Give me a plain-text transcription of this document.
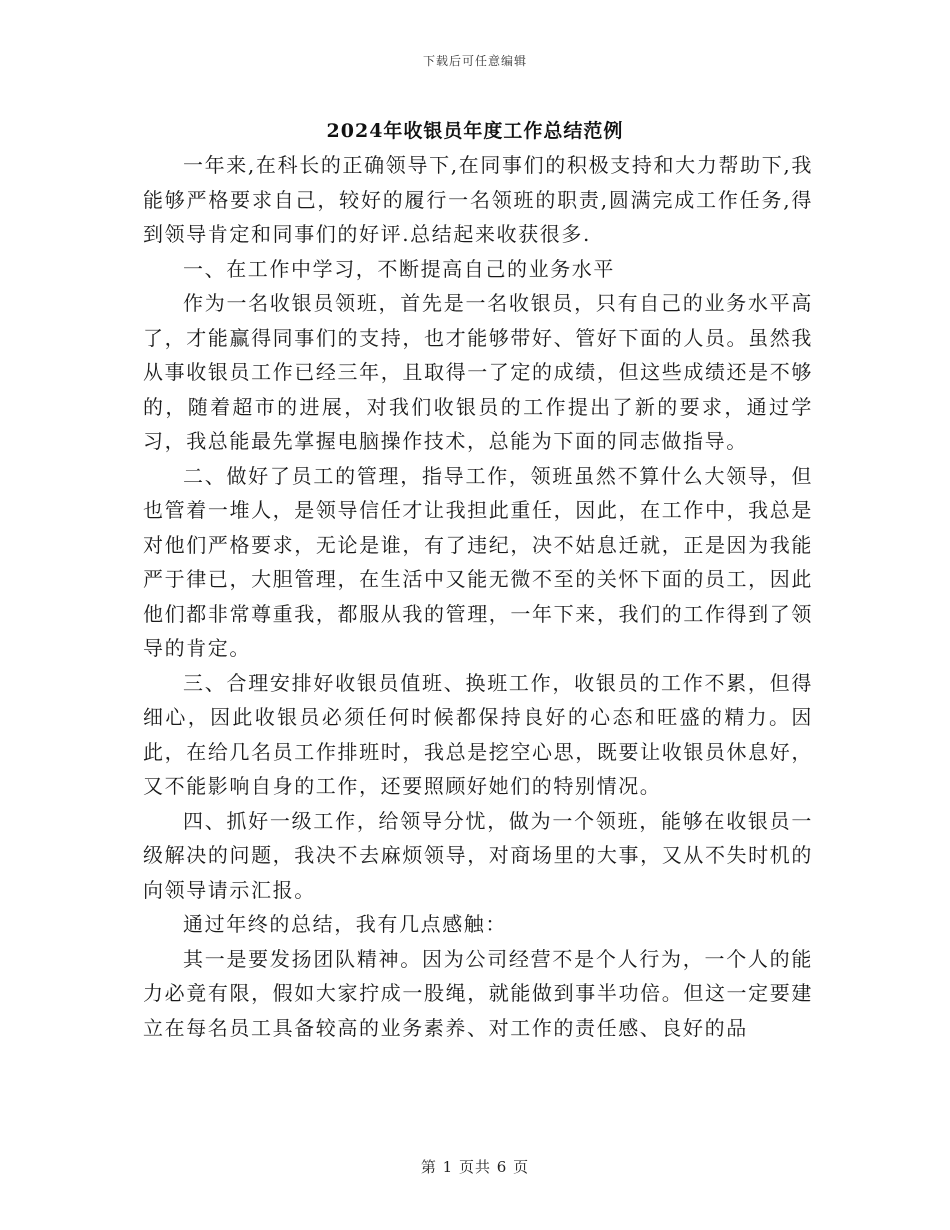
下载后可任意编辑
2024年收银员年度工作总结范例

一年来,在科长的正确领导下,在同事们的积极支持和大力帮助下,我能够严格要求自己，较好的履行一名领班的职责,圆满完成工作任务,得到领导肯定和同事们的好评.总结起来收获很多.

一、在工作中学习，不断提高自己的业务水平

作为一名收银员领班，首先是一名收银员，只有自己的业务水平高了，才能赢得同事们的支持，也才能够带好、管好下面的人员。虽然我从事收银员工作已经三年，且取得一了定的成绩，但这些成绩还是不够的，随着超市的进展，对我们收银员的工作提出了新的要求，通过学习，我总能最先掌握电脑操作技术，总能为下面的同志做指导。

二、做好了员工的管理，指导工作，领班虽然不算什么大领导，但也管着一堆人，是领导信任才让我担此重任，因此，在工作中，我总是对他们严格要求，无论是谁，有了违纪，决不姑息迁就，正是因为我能严于律已，大胆管理，在生活中又能无微不至的关怀下面的员工，因此他们都非常尊重我，都服从我的管理，一年下来，我们的工作得到了领导的肯定。

三、合理安排好收银员值班、换班工作，收银员的工作不累，但得细心，因此收银员必须任何时候都保持良好的心态和旺盛的精力。因此，在给几名员工作排班时，我总是挖空心思，既要让收银员休息好，又不能影响自身的工作，还要照顾好她们的特别情况。

四、抓好一级工作，给领导分忧，做为一个领班，能够在收银员一级解决的问题，我决不去麻烦领导，对商场里的大事，又从不失时机的向领导请示汇报。

通过年终的总结，我有几点感触：

其一是要发扬团队精神。因为公司经营不是个人行为，一个人的能力必竟有限，假如大家拧成一股绳，就能做到事半功倍。但这一定要建立在每名员工具备较高的业务素养、对工作的责任感、良好的品

第 1 页共 6 页
